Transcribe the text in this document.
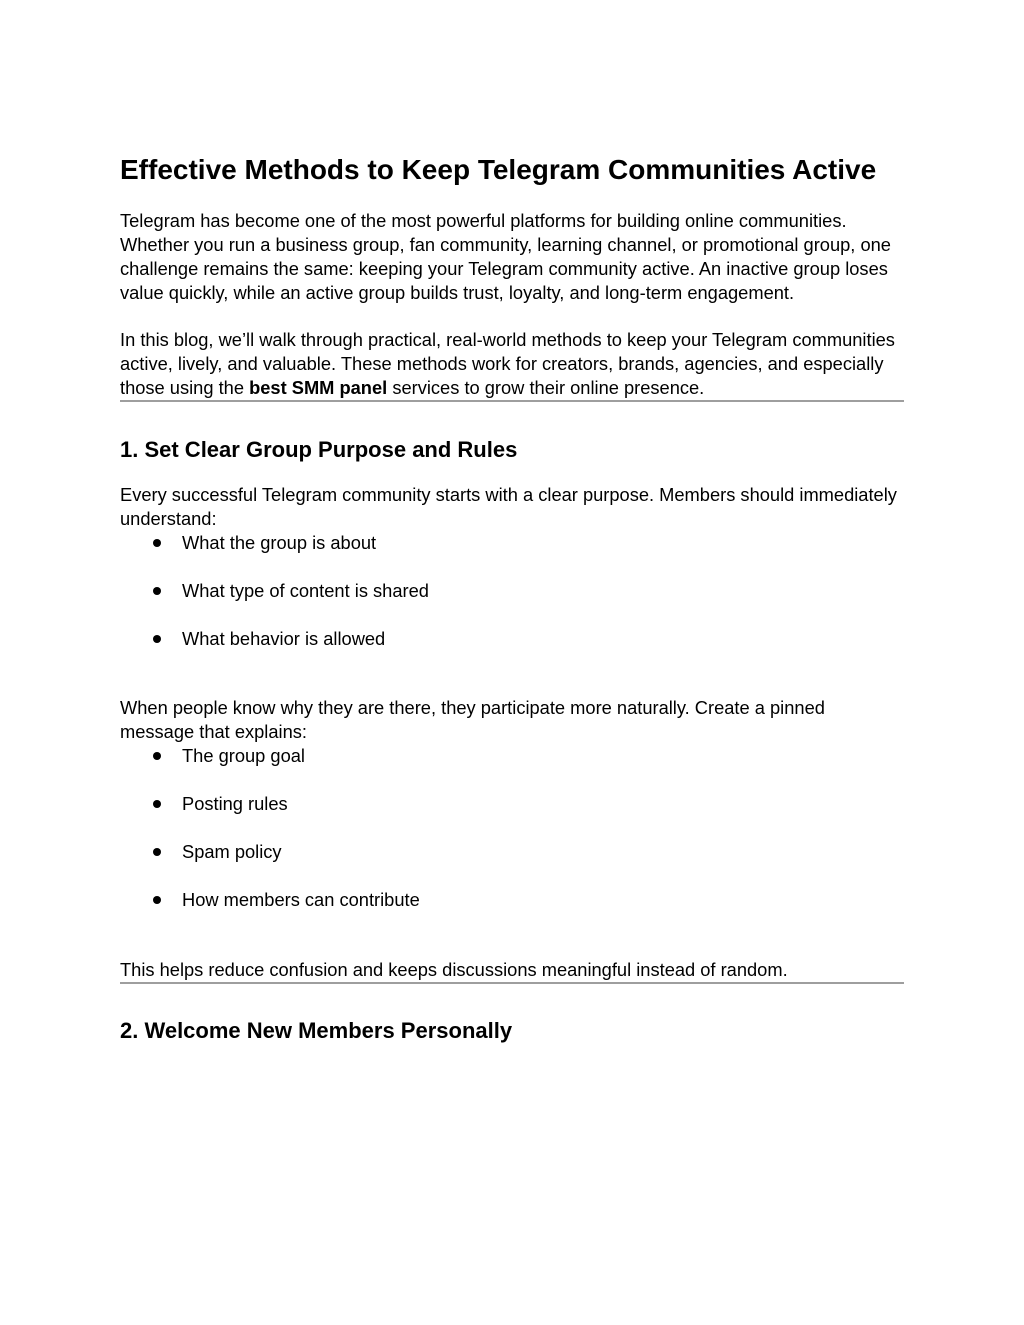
Effective Methods to Keep Telegram Communities Active

Telegram has become one of the most powerful platforms for building online communities. Whether you run a business group, fan community, learning channel, or promotional group, one challenge remains the same: keeping your Telegram community active. An inactive group loses value quickly, while an active group builds trust, loyalty, and long-term engagement.

In this blog, we’ll walk through practical, real-world methods to keep your Telegram communities active, lively, and valuable. These methods work for creators, brands, agencies, and especially those using the best SMM panel services to grow their online presence.

1. Set Clear Group Purpose and Rules

Every successful Telegram community starts with a clear purpose. Members should immediately understand:

What the group is about
What type of content is shared
What behavior is allowed

When people know why they are there, they participate more naturally. Create a pinned message that explains:

The group goal
Posting rules
Spam policy
How members can contribute

This helps reduce confusion and keeps discussions meaningful instead of random.

2. Welcome New Members Personally
